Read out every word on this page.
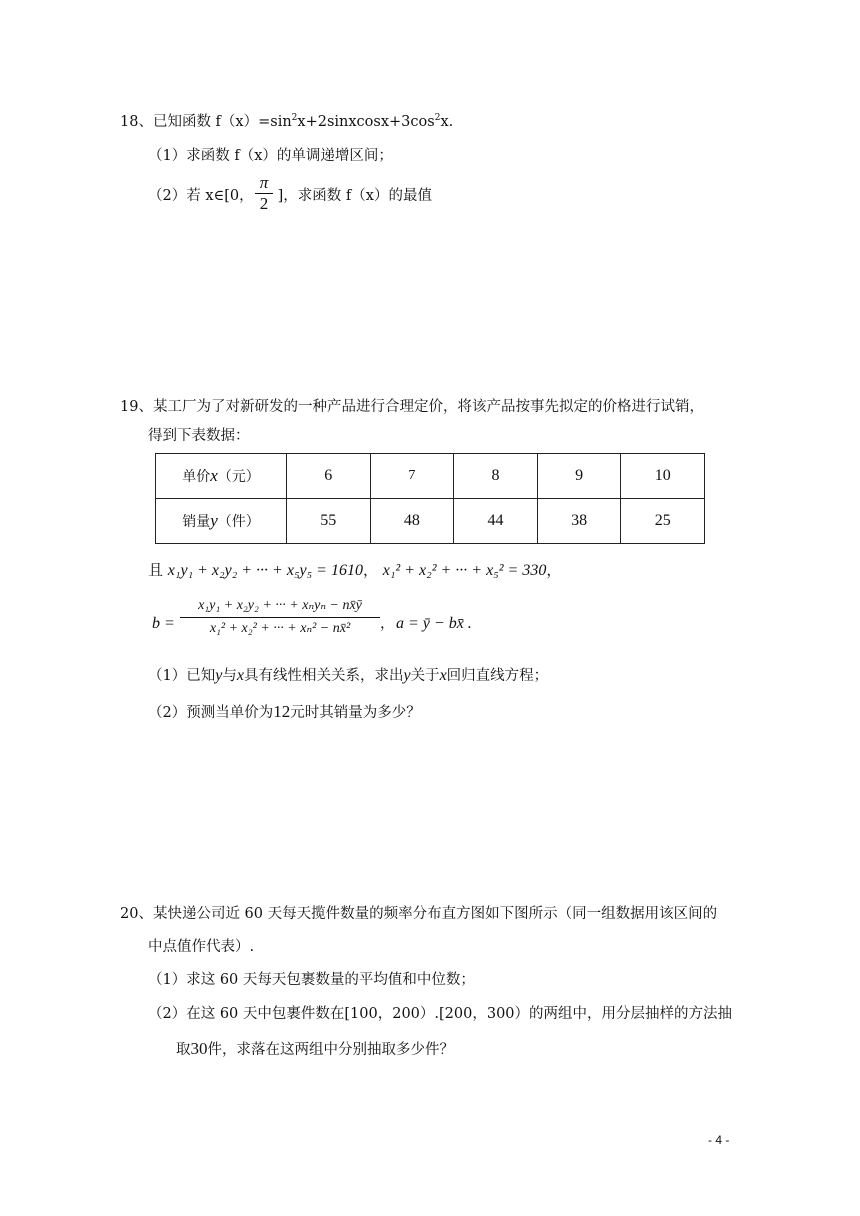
18、已知函数 $f(x)=\sin^2x+2sinxcosx+3\cos^2x$.
（1）求函数 f（x）的单调递增区间；
（2）若 x∈[0， ]，求函数 f（x）的最值
π
2
19、某工厂为了对新研发的一种产品进行合理定价，将该产品按事先拟定的价格进行试销，
得到下表数据：
单价x（元）	6	7	8	9	10
销量y（件）	55	48	44	38	25
且 x₁y₁ + x₂y₂ + ··· + x₅y₅ = 1610， x₁² + x₂² + ··· + x₅² = 330，
b =
x₁y₁ + x₂y₂ + ··· + xₙyₙ − nx̄ȳ
x₁² + x₂² + ··· + xₙ² − nx̄²	， a = ȳ − bx̄ .
（1）已知y与x具有线性相关关系，求出y关于x回归直线方程；
（2）预测当单价为12元时其销量为多少？
20、某快递公司近 60 天每天揽件数量的频率分布直方图如下图所示（同一组数据用该区间的
中点值作代表）.
（1）求这 60 天每天包裹数量的平均值和中位数；
（2）在这 60 天中包裹件数在[100，200）.[200，300）的两组中，用分层抽样的方法抽
取30件，求落在这两组中分别抽取多少件？
- 4 -
